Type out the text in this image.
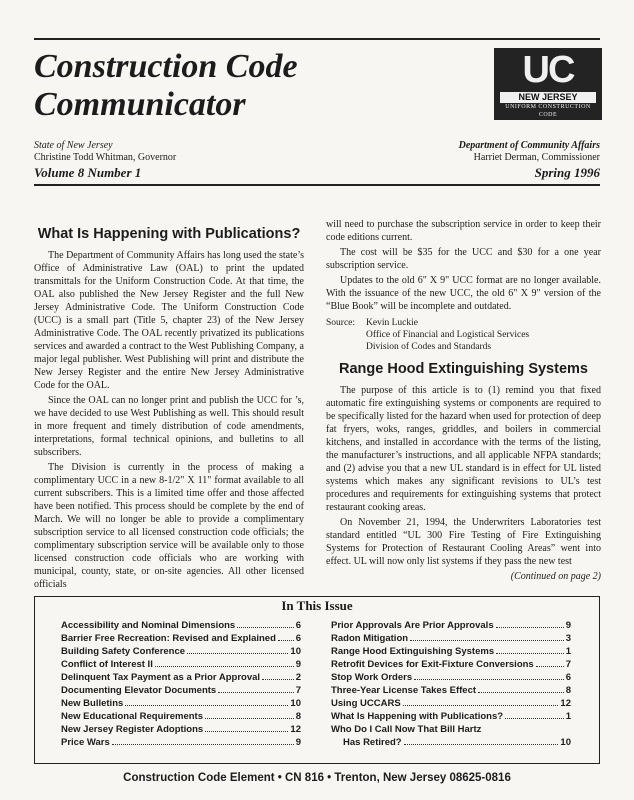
Construction Code
Communicator
UC
NEW JERSEY
UNIFORM CONSTRUCTION
CODE
State of New Jersey
Christine Todd Whitman, Governor
Department of Community Affairs
Harriet Derman, Commissioner
Volume 8 Number 1	Spring 1996
What Is Happening with Publications?

The Department of Community Affairs has long used the state’s Office of Administrative Law (OAL) to print the updated transmittals for the Uniform Construction Code. At that time, the OAL also published the New Jersey Register and the full New Jersey Administrative Code. The Uniform Construction Code (UCC) is a small part (Title 5, chapter 23) of the New Jersey Administrative Code. The OAL recently privatized its publications services and awarded a contract to the West Publishing Company, a major legal publisher. West Publishing will print and distribute the New Jersey Register and the entire New Jersey Administrative Code for the OAL.

Since the OAL can no longer print and publish the UCC for ’s, we have decided to use West Publishing as well. This should result in more frequent and timely distribution of code amendments, interpretations, formal technical opinions, and bulletins to all subscribers.

The Division is currently in the process of making a complimentary UCC in a new 8-1/2" X 11" format available to all current subscribers. This is a limited time offer and those affected have been notified. This process should be complete by the end of March. We will no longer be able to provide a complimentary subscription service to all licensed construction code officials; the complimentary subscription service will be available only to those licensed construction code officials who are working with municipal, county, state, or on-site agencies. All other licensed officials

will need to purchase the subscription service in order to keep their code editions current.

The cost will be $35 for the UCC and $30 for a one year subscription service.

Updates to the old 6" X 9" UCC format are no longer available. With the issuance of the new UCC, the old 6" X 9" version of the “Blue Book” will be incomplete and outdated.

Source:	Kevin Luckie
Office of Financial and Logistical Services
Division of Codes and Standards
Range Hood Extinguishing Systems

The purpose of this article is to (1) remind you that fixed automatic fire extinguishing systems or components are required to be specifically listed for the hazard when used for protection of deep fat fryers, woks, ranges, griddles, and boilers in commercial kitchens, and installed in accordance with the terms of the listing, the manufacturer’s instructions, and all applicable NFPA standards; and (2) advise you that a new UL standard is in effect for UL listed systems which makes any significant revisions to UL’s test procedures and requirements for extinguishing systems that protect restaurant cooking areas.

On November 21, 1994, the Underwriters Laboratories test standard entitled “UL 300 Fire Testing of Fire Extinguishing Systems for Protection of Restaurant Cooling Areas” went into effect. UL will now only list systems if they pass the new test

(Continued on page 2)
In This Issue
Accessibility and Nominal Dimensions	6
Barrier Free Recreation: Revised and Explained 6
Building Safety Conference	10
Conflict of Interest II	9
Delinquent Tax Payment as a Prior Approval	2
Documenting Elevator Documents	7
New Bulletins	10
New Educational Requirements	8
New Jersey Register Adoptions	12
Price Wars	9
Prior Approvals Are Prior Approvals	9
Radon Mitigation	3
Range Hood Extinguishing Systems	1
Retrofit Devices for Exit-Fixture Conversions	7
Stop Work Orders	6
Three-Year License Takes Effect	8
Using UCCARS	12
What Is Happening with Publications?	1
Who Do I Call Now That Bill Hartz
Has Retired?	10
Construction Code Element • CN 816 • Trenton, New Jersey 08625-0816
